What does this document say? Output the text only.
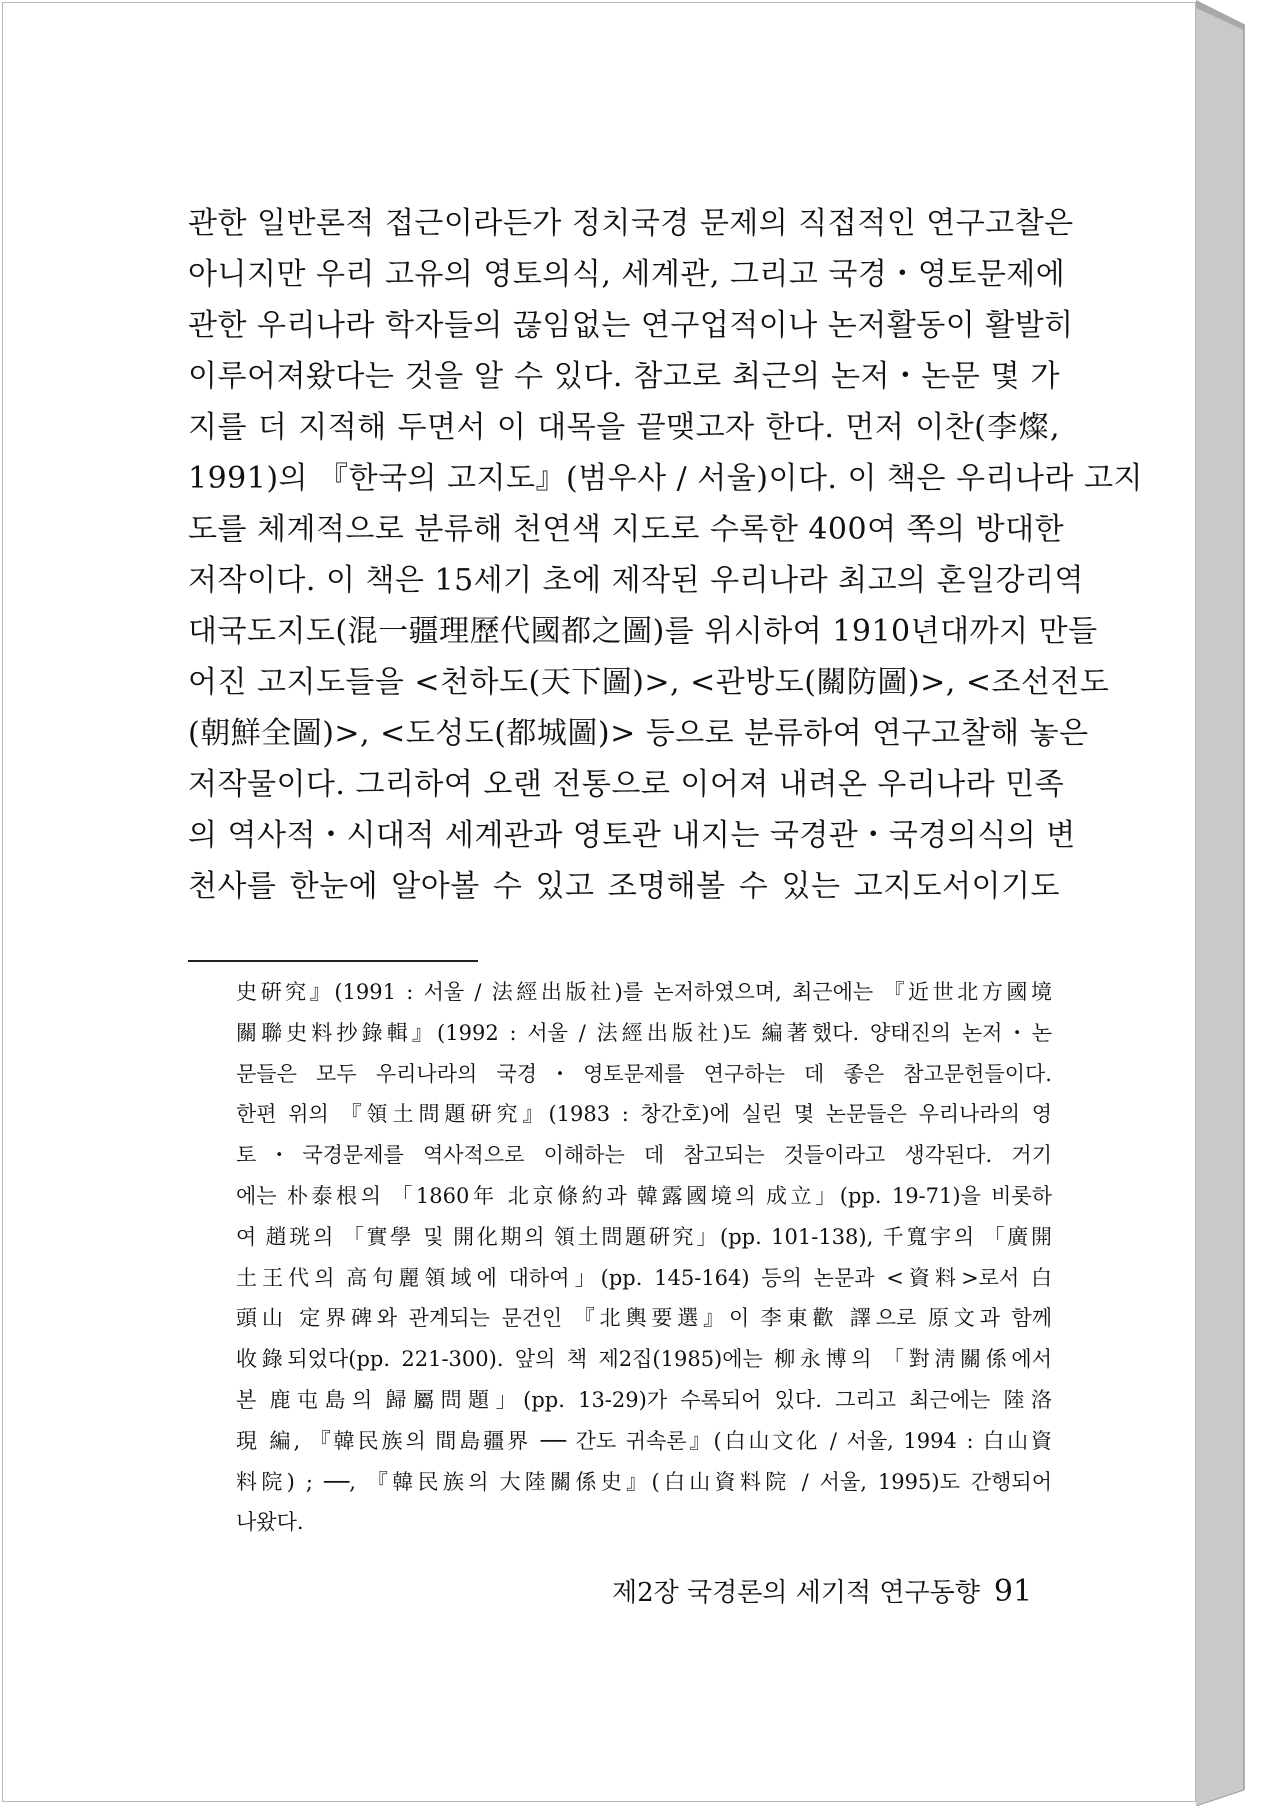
관한 일반론적 접근이라든가 정치국경 문제의 직접적인 연구고찰은
아니지만 우리 고유의 영토의식, 세계관, 그리고 국경・영토문제에
관한 우리나라 학자들의 끊임없는 연구업적이나 논저활동이 활발히
이루어져왔다는 것을 알 수 있다. 참고로 최근의 논저・논문 몇 가
지를 더 지적해 두면서 이 대목을 끝맺고자 한다. 먼저 이찬(李燦,
1991)의 『한국의 고지도』(범우사 / 서울)이다. 이 책은 우리나라 고지
도를 체계적으로 분류해 천연색 지도로 수록한 400여 쪽의 방대한
저작이다. 이 책은 15세기 초에 제작된 우리나라 최고의 혼일강리역
대국도지도(混一疆理歷代國都之圖)를 위시하여 1910년대까지 만들
어진 고지도들을 <천하도(天下圖)>, <관방도(關防圖)>, <조선전도
(朝鮮全圖)>, <도성도(都城圖)> 등으로 분류하여 연구고찰해 놓은
저작물이다. 그리하여 오랜 전통으로 이어져 내려온 우리나라 민족
의 역사적・시대적 세계관과 영토관 내지는 국경관・국경의식의 변
천사를 한눈에 알아볼 수 있고 조명해볼 수 있는 고지도서이기도
史硏究』(1991 : 서울 / 法經出版社)를 논저하였으며, 최근에는 『近世北方國境
關聯史料抄錄輯』(1992 : 서울 / 法經出版社)도 編著했다. 양태진의 논저・논
문들은 모두 우리나라의 국경・영토문제를 연구하는 데 좋은 참고문헌들이다.
한편 위의 『領土問題硏究』(1983 : 창간호)에 실린 몇 논문들은 우리나라의 영
토・국경문제를 역사적으로 이해하는 데 참고되는 것들이라고 생각된다. 거기
에는 朴泰根의 「1860年 北京條約과 韓露國境의 成立」(pp. 19-71)을 비롯하
여 趙珖의 「實學 및 開化期의 領土問題硏究」(pp. 101-138), 千寬宇의 「廣開
土王代의 高句麗領域에 대하여」(pp. 145-164) 등의 논문과 <資料>로서 白
頭山 定界碑와 관계되는 문건인 『北輿要選』이 李東歡 譯으로 原文과 함께
收錄되었다(pp. 221-300). 앞의 책 제2집(1985)에는 柳永博의 「對淸關係에서
본 鹿屯島의 歸屬問題」(pp. 13-29)가 수록되어 있다. 그리고 최근에는 陸洛
現 編, 『韓民族의 間島疆界 ── 간도 귀속론』(白山文化 / 서울, 1994 : 白山資
料院) ; ──, 『韓民族의 大陸關係史』(白山資料院 / 서울, 1995)도 간행되어
나왔다.
제2장 국경론의 세기적 연구동향 91
